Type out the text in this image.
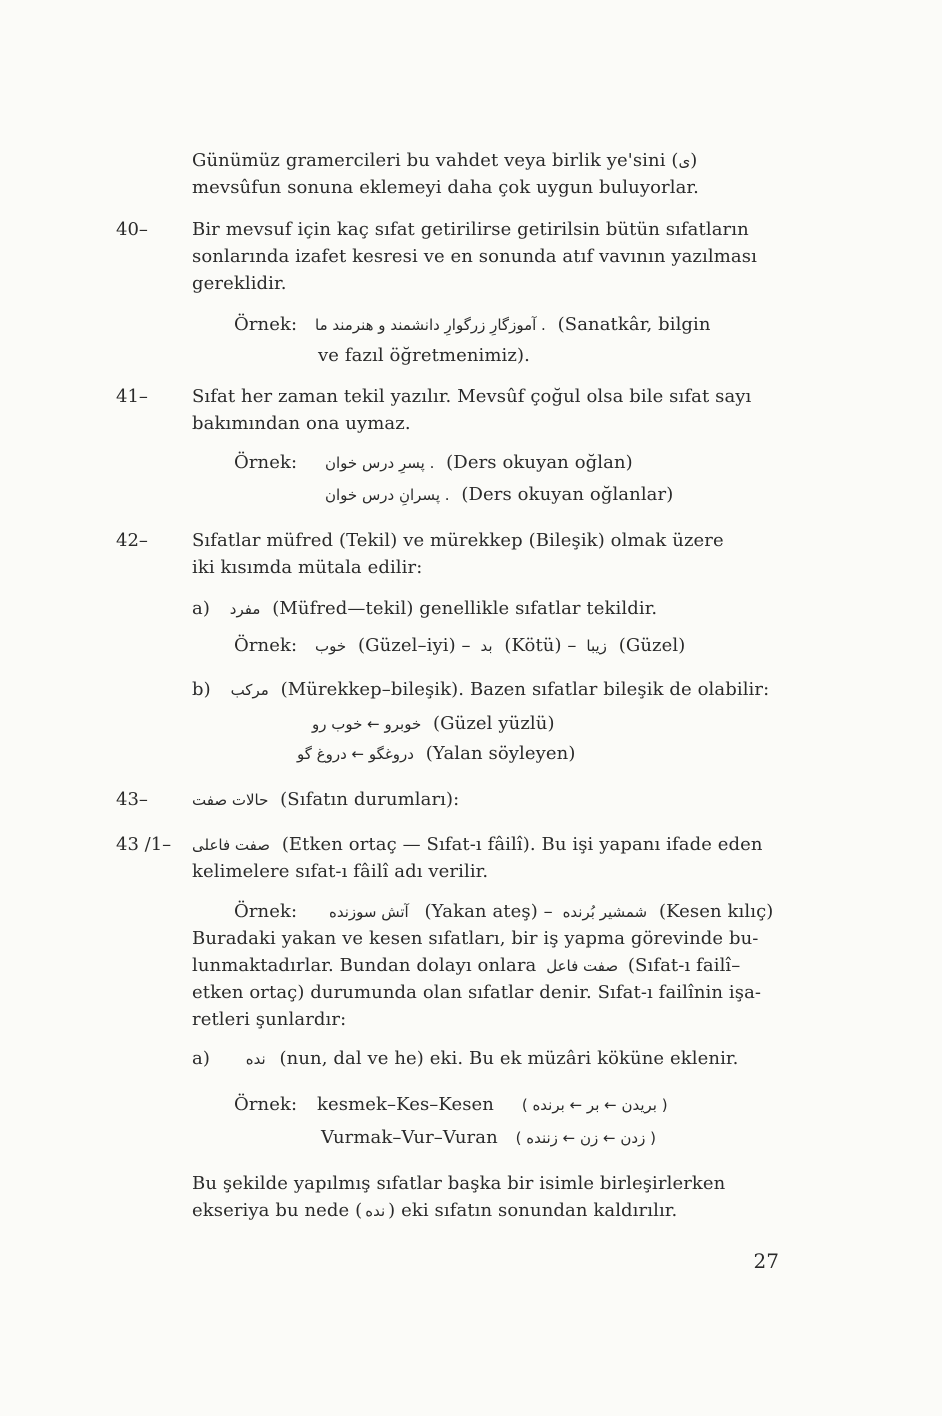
Günümüz gramercileri bu vahdet veya birlik ye'sini (ى)
mevsûfun sonuna eklemeyi daha çok uygun buluyorlar.
40– Bir mevsuf için kaç sıfat getirilirse getirilsin bütün sıfatların
sonlarında izafet kesresi ve en sonunda atıf vavının yazılması
gereklidir.
Örnek: . آموزگارِ زرگوارِ دانشمند و هنرمند ما (Sanatkâr, bilgin
ve fazıl öğretmenimiz).
41– Sıfat her zaman tekil yazılır. Mevsûf çoğul olsa bile sıfat sayı
bakımından ona uymaz.
Örnek: . پسرِ درس خوان (Ders okuyan oğlan)
. پسرانِ درس خوان (Ders okuyan oğlanlar)
42– Sıfatlar müfred (Tekil) ve mürekkep (Bileşik) olmak üzere
iki kısımda mütala edilir:
a) مفرد (Müfred—tekil) genellikle sıfatlar tekildir.
Örnek: خوب (Güzel–iyi) – بد (Kötü) – زيبا (Güzel)
b) مركب (Mürekkep–bileşik). Bazen sıfatlar bileşik de olabilir:
خوبرو ← خوب رو (Güzel yüzlü)
دروغگو ← دروغ گو (Yalan söyleyen)
43–	حالات صفت (Sıfatın durumları):
43 /1– صفت فاعلى (Etken ortaç — Sıfat-ı fâilî). Bu işi yapanı ifade eden
kelimelere sıfat-ı fâilî adı verilir.
Örnek: آتش سوزنده (Yakan ateş) – شمشیر بُرنده (Kesen kılıç)
Buradaki yakan ve kesen sıfatları, bir iş yapma görevinde bu-
lunmaktadırlar. Bundan dolayı onlara صفت فاعل (Sıfat-ı failî–
etken ortaç) durumunda olan sıfatlar denir. Sıfat-ı failînin işa-
retleri şunlardır:
a) نده (nun, dal ve he) eki. Bu ek müzâri köküne eklenir.
Örnek: kesmek–Kes–Kesen ( بريدن ← بر ← برنده )
Vurmak–Vur–Vuran ( زدن ← زن ← زننده )
Bu şekilde yapılmış sıfatlar başka bir isimle birleşirlerken
ekseriya bu nede ( نده ) eki sıfatın sonundan kaldırılır.
27
